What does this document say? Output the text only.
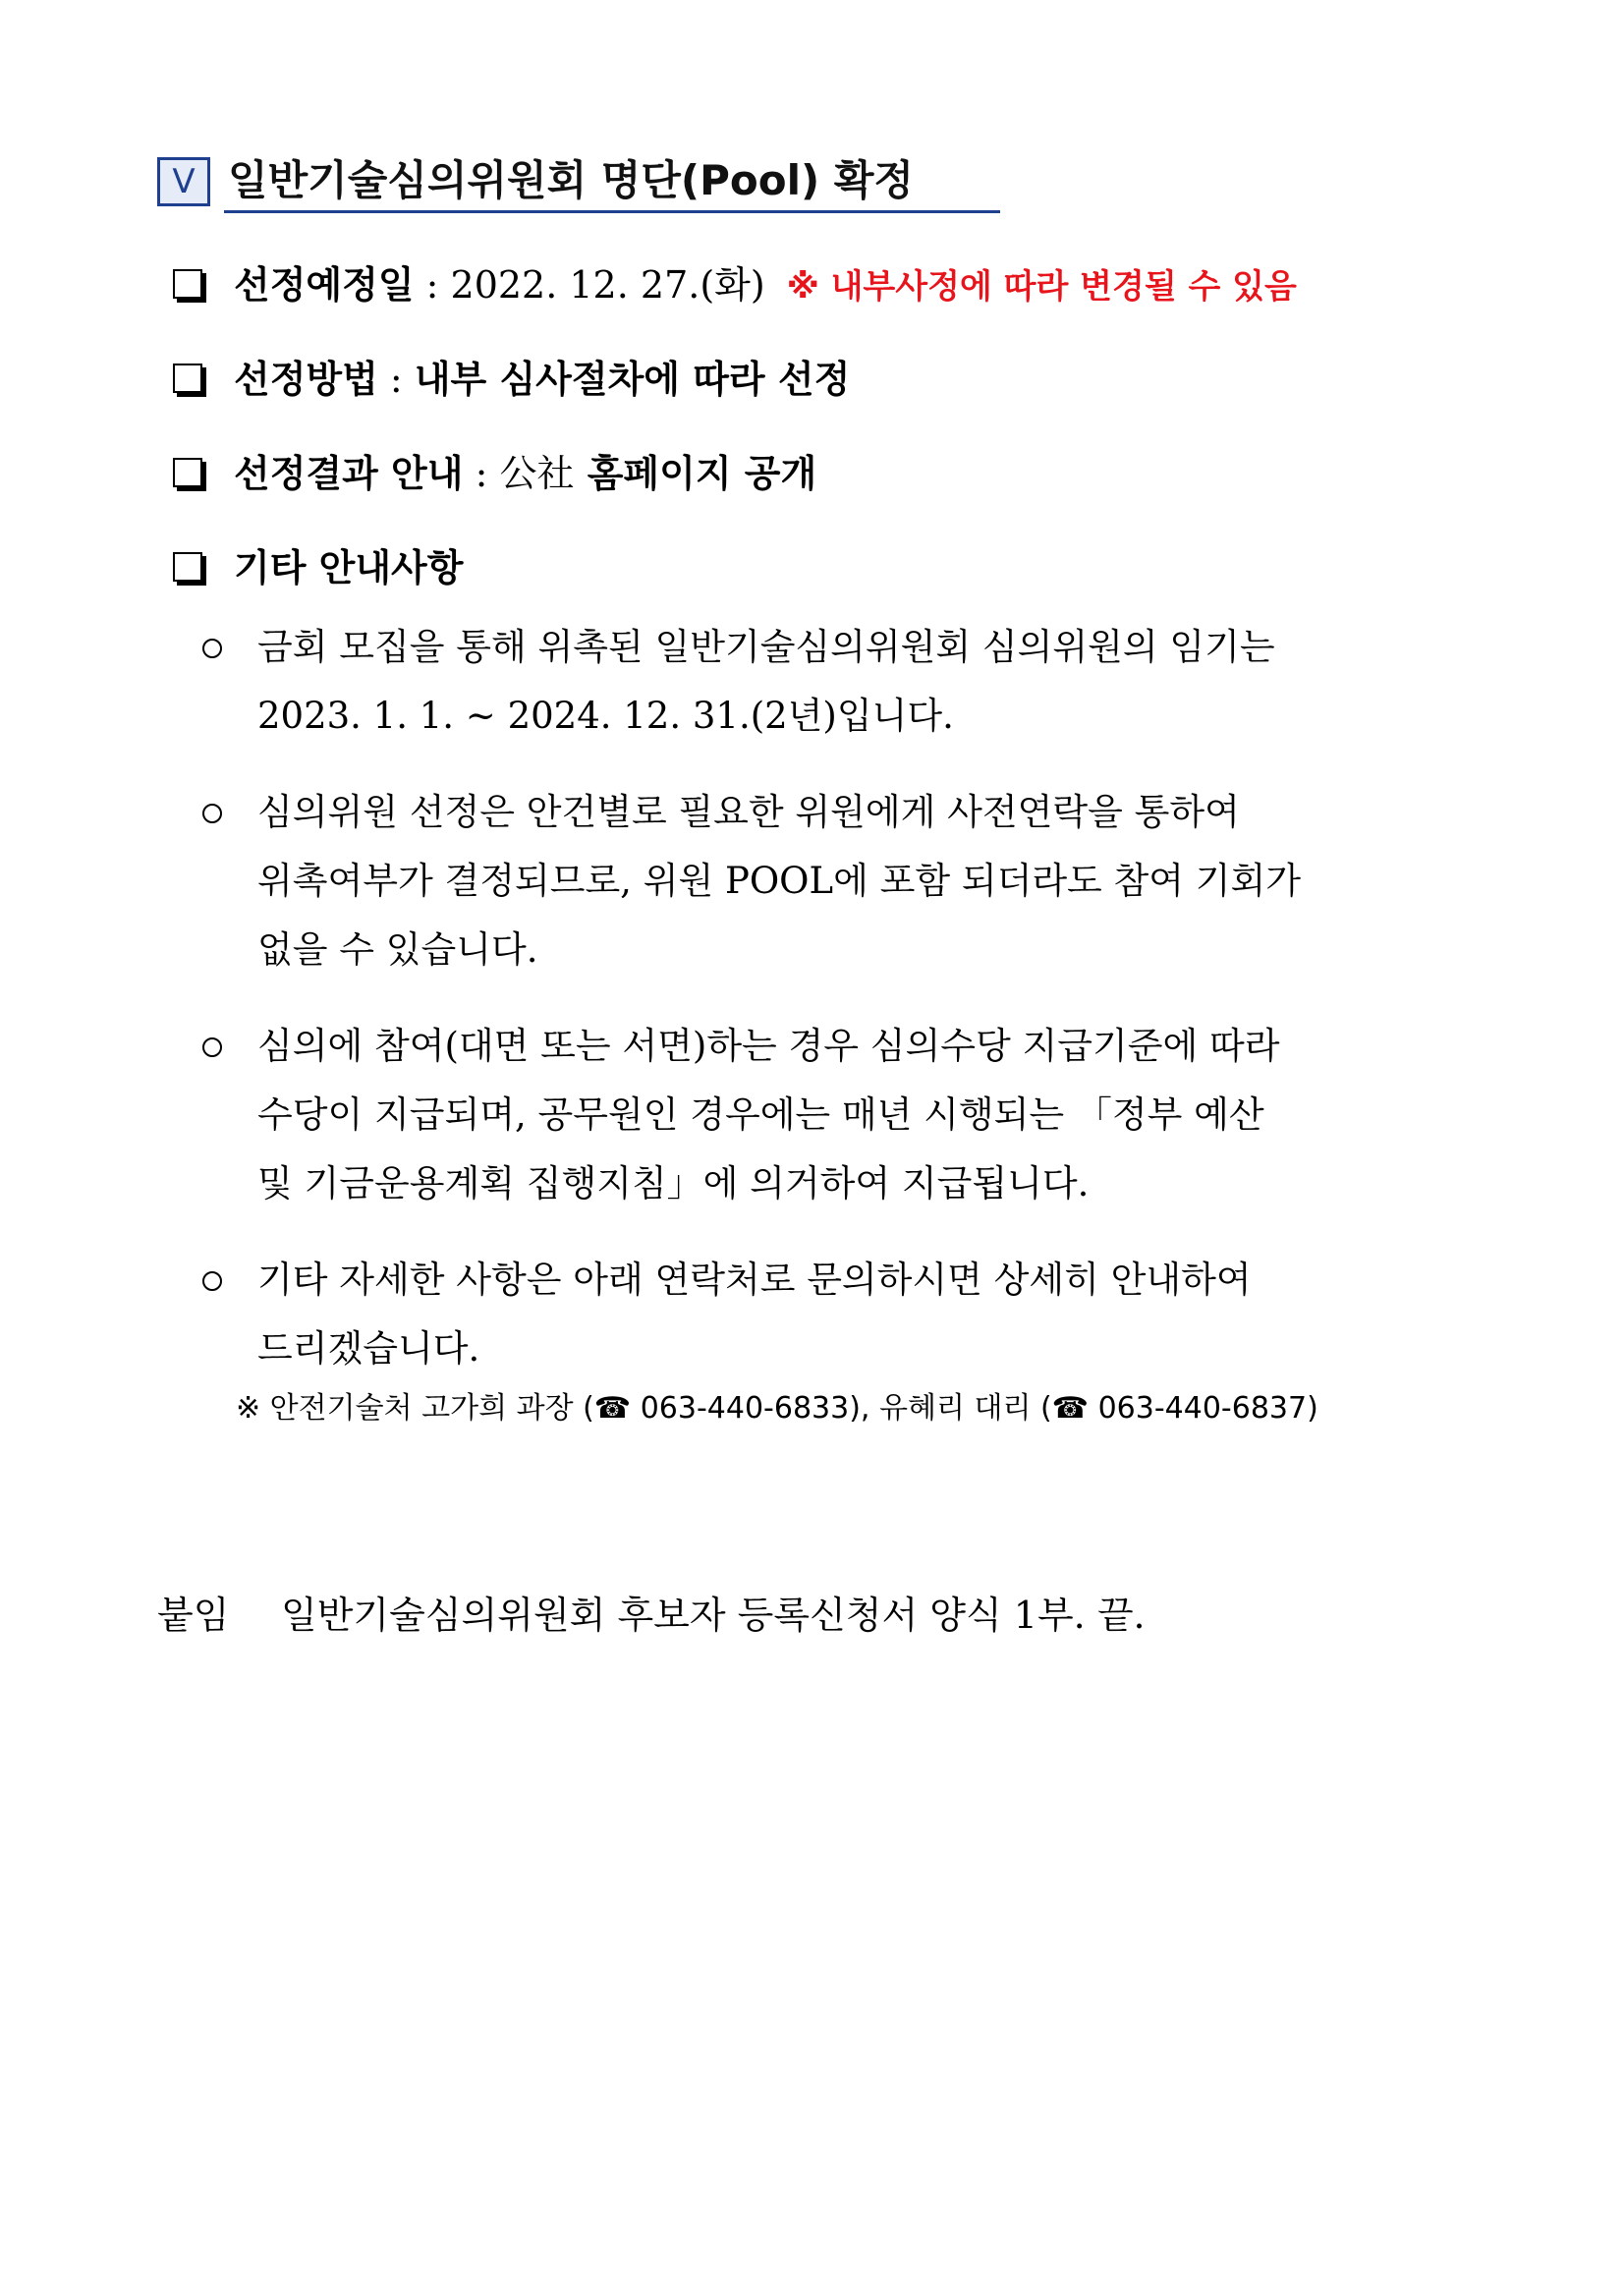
Ⅴ 일반기술심의위원회 명단(Pool) 확정
선정예정일 : 2022. 12. 27.(화) ※ 내부사정에 따라 변경될 수 있음
선정방법 : 내부 심사절차에 따라 선정
선정결과 안내 : 公社 홈페이지 공개
기타 안내사항
금회 모집을 통해 위촉된 일반기술심의위원회 심의위원의 임기는
2023. 1. 1. ~ 2024. 12. 31.(2년)입니다.
심의위원 선정은 안건별로 필요한 위원에게 사전연락을 통하여
위촉여부가 결정되므로, 위원 POOL에 포함 되더라도 참여 기회가
없을 수 있습니다.
심의에 참여(대면 또는 서면)하는 경우 심의수당 지급기준에 따라
수당이 지급되며, 공무원인 경우에는 매년 시행되는 「정부 예산
및 기금운용계획 집행지침」에 의거하여 지급됩니다.
기타 자세한 사항은 아래 연락처로 문의하시면 상세히 안내하여
드리겠습니다.
※ 안전기술처 고가희 과장 (☎ 063-440-6833), 유혜리 대리 (☎ 063-440-6837)
붙임 일반기술심의위원회 후보자 등록신청서 양식 1부. 끝.
